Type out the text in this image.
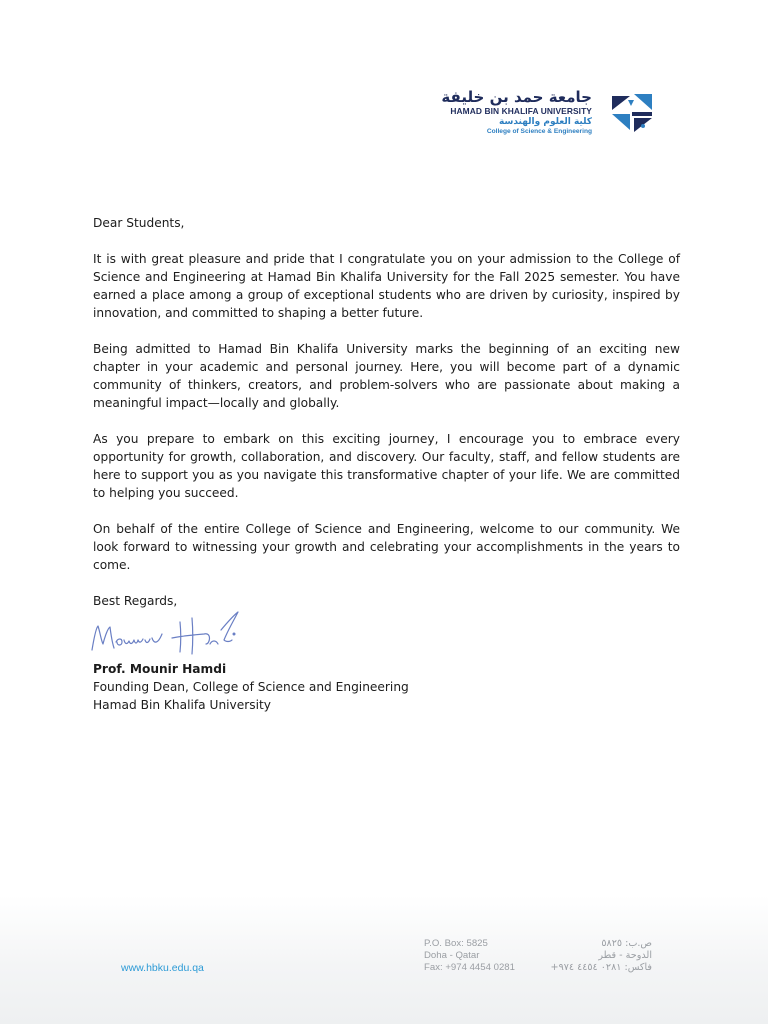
جامعة حمد بن خليفة
HAMAD BIN KHALIFA UNIVERSITY
كلية العلوم والهندسة
College of Science & Engineering

Dear Students,

It is with great pleasure and pride that I congratulate you on your admission to the College of Science and Engineering at Hamad Bin Khalifa University for the Fall 2025 semester. You have earned a place among a group of exceptional students who are driven by curiosity, inspired by innovation, and committed to shaping a better future.

Being admitted to Hamad Bin Khalifa University marks the beginning of an exciting new chapter in your academic and personal journey. Here, you will become part of a dynamic community of thinkers, creators, and problem-solvers who are passionate about making a meaningful impact—locally and globally.

As you prepare to embark on this exciting journey, I encourage you to embrace every opportunity for growth, collaboration, and discovery. Our faculty, staff, and fellow students are here to support you as you navigate this transformative chapter of your life. We are committed to helping you succeed.

On behalf of the entire College of Science and Engineering, welcome to our community. We look forward to witnessing your growth and celebrating your accomplishments in the years to come.

Best Regards,

Prof. Mounir Hamdi

Founding Dean, College of Science and Engineering

Hamad Bin Khalifa University

www.hbku.edu.qa
P.O. Box: 5825
Doha - Qatar
Fax: +974 4454 0281
ص.ب: ٥٨٢٥
الدوحة - قطر
فاكس: ٠٢٨١ ٤٤٥٤ ٩٧٤+
